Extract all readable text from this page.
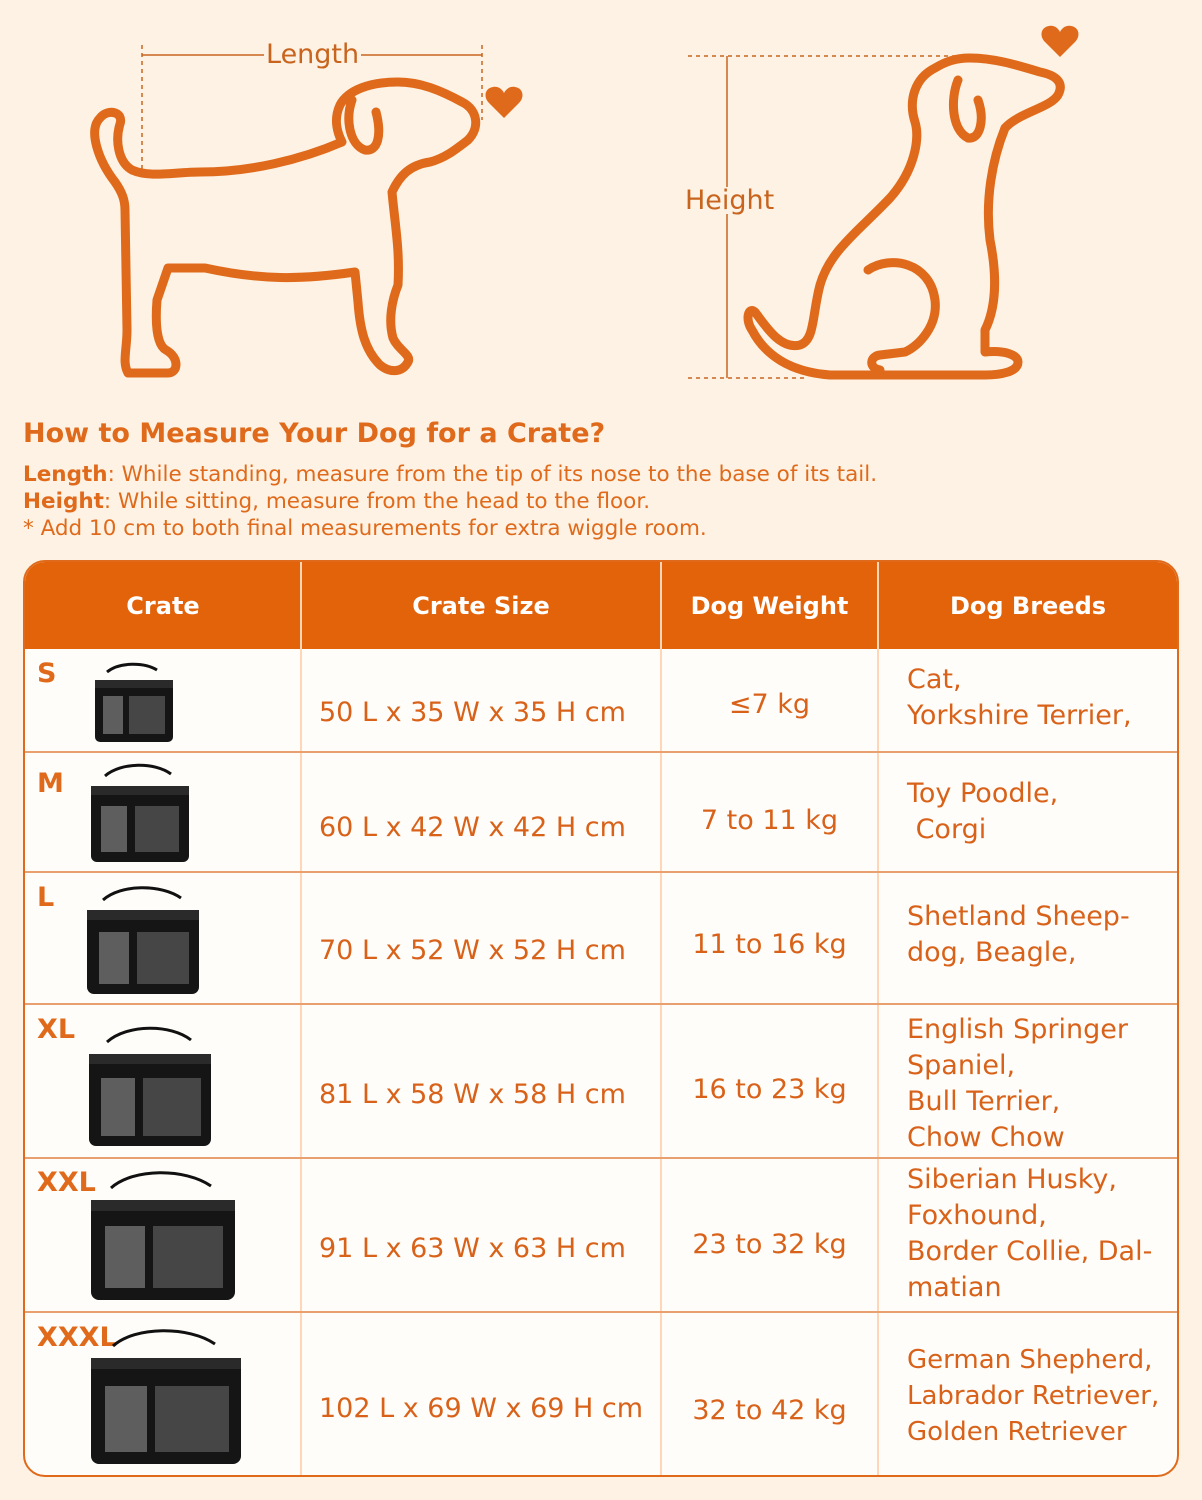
Length
Height
How to Measure Your Dog for a Crate?
Length: While standing, measure from the tip of its nose to the base of its tail.
Height: While sitting, measure from the head to the floor.
* Add 10 cm to both final measurements for extra wiggle room.
Crate	Crate Size	Dog Weight	Dog Breeds
S
50 L x 35 W x 35 H cm	≤7 kg
Cat,
Yorkshire Terrier,
M
60 L x 42 W x 42 H cm	7 to 11 kg
Toy Poodle,
Corgi
L
70 L x 52 W x 52 H cm	11 to 16 kg
Shetland Sheep-
dog, Beagle,
XL
81 L x 58 W x 58 H cm	16 to 23 kg
English Springer
Spaniel,
Bull Terrier,
Chow Chow
XXL
91 L x 63 W x 63 H cm	23 to 32 kg
Siberian Husky,
Foxhound,
Border Collie, Dal-
matian
XXXL
102 L x 69 W x 69 H cm	32 to 42 kg
German Shepherd,
Labrador Retriever,
Golden Retriever
